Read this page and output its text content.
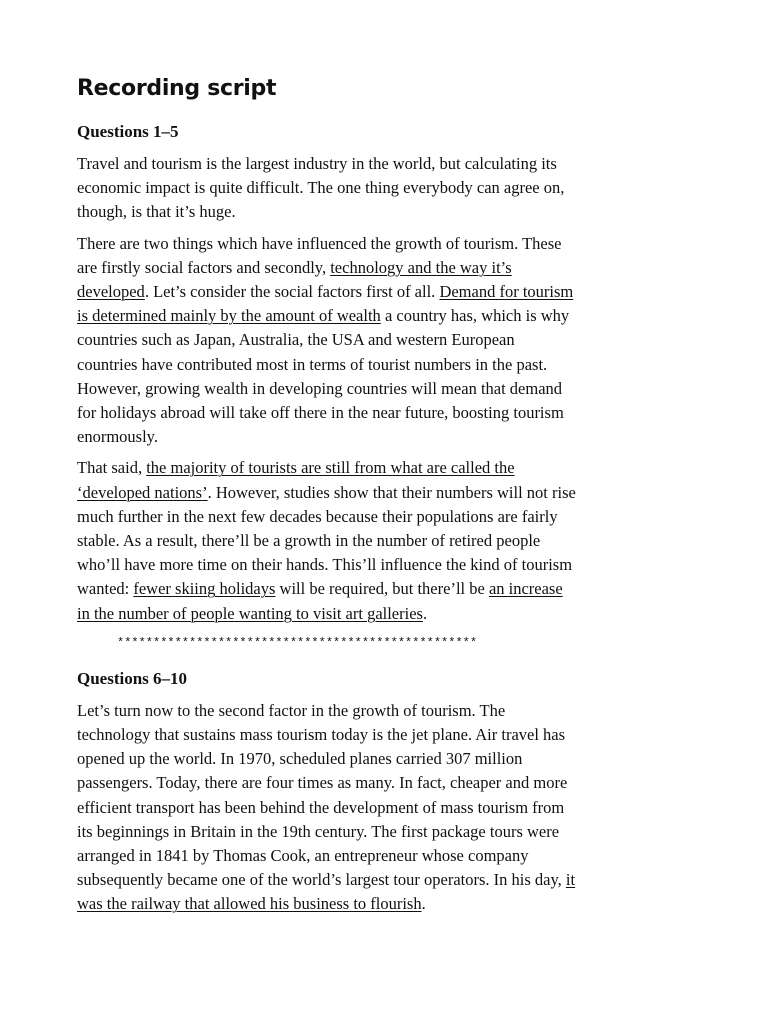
Recording script
Questions 1–5

Travel and tourism is the largest industry in the world, but calculating its economic impact is quite difficult. The one thing everybody can agree on, though, is that it’s huge.

There are two things which have influenced the growth of tourism. These are firstly social factors and secondly, technology and the way it’s developed. Let’s consider the social factors first of all. Demand for tourism is determined mainly by the amount of wealth a country has, which is why countries such as Japan, Australia, the USA and western European countries have contributed most in terms of tourist numbers in the past. However, growing wealth in developing countries will mean that demand for holidays abroad will take off there in the near future, boosting tourism enormously.

That said, the majority of tourists are still from what are called the ‘developed nations’. However, studies show that their numbers will not rise much further in the next few decades because their populations are fairly stable. As a result, there’ll be a growth in the number of retired people who’ll have more time on their hands. This’ll influence the kind of tourism wanted: fewer skiing holidays will be required, but there’ll be an increase in the number of people wanting to visit art galleries.

**************************************************
Questions 6–10

Let’s turn now to the second factor in the growth of tourism. The technology that sustains mass tourism today is the jet plane. Air travel has opened up the world. In 1970, scheduled planes carried 307 million passengers. Today, there are four times as many. In fact, cheaper and more efficient transport has been behind the development of mass tourism from its beginnings in Britain in the 19th century. The first package tours were arranged in 1841 by Thomas Cook, an entrepreneur whose company subsequently became one of the world’s largest tour operators. In his day, it was the railway that allowed his business to flourish.
